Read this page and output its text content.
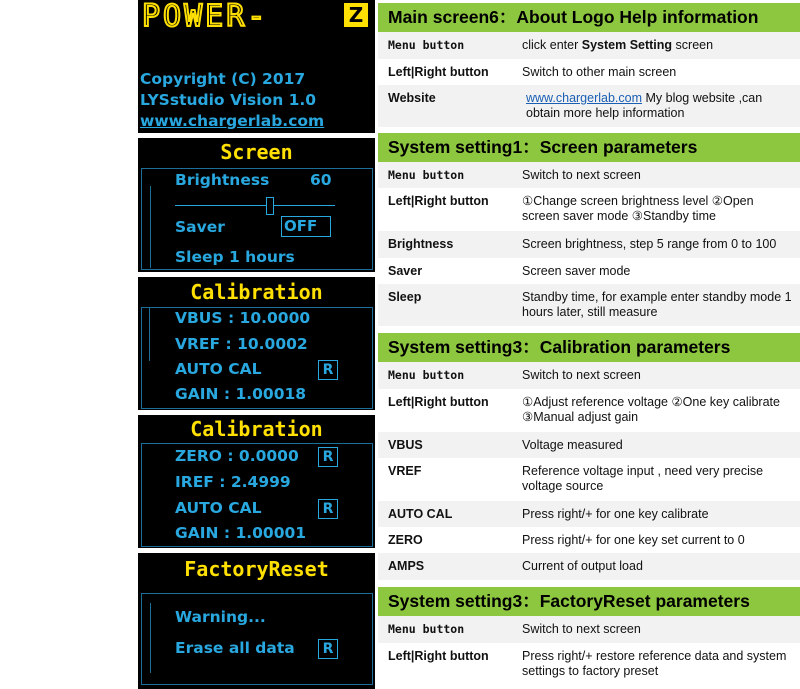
POWER-	Z
Copyright (C) 2017
LYSstudio Vision 1.0
www.chargerlab.com
Screen
Brightness	60
Saver	OFF
Sleep 1 hours
Calibration
VBUS : 10.0000
VREF : 10.0002
AUTO CAL	R
GAIN : 1.00018
Calibration
ZERO : 0.0000	R
IREF : 2.4999
AUTO CAL	R
GAIN : 1.00001
FactoryReset
Warning...
Erase all data	R
Main screen6：About Logo Help information
Menu button	click enter System Setting screen
Left|Right button	Switch to other main screen
Website	www.chargerlab.com My blog website ,can obtain more help information
System setting1：Screen parameters
Menu button	Switch to next screen
Left|Right button	①Change screen brightness level ②Open screen saver mode ③Standby time
Brightness	Screen brightness, step 5 range from 0 to 100
Saver	Screen saver mode
Sleep	Standby time, for example enter standby mode 1 hours later, still measure
System setting3：Calibration parameters
Menu button	Switch to next screen
Left|Right button	①Adjust reference voltage ②One key calibrate ③Manual adjust gain
VBUS	Voltage measured
VREF	Reference voltage input , need very precise voltage source
AUTO CAL	Press right/+ for one key calibrate
ZERO	Press right/+ for one key set current to 0
AMPS	Current of output load
System setting3：FactoryReset parameters
Menu button	Switch to next screen
Left|Right button	Press right/+ restore reference data and system settings to factory preset
